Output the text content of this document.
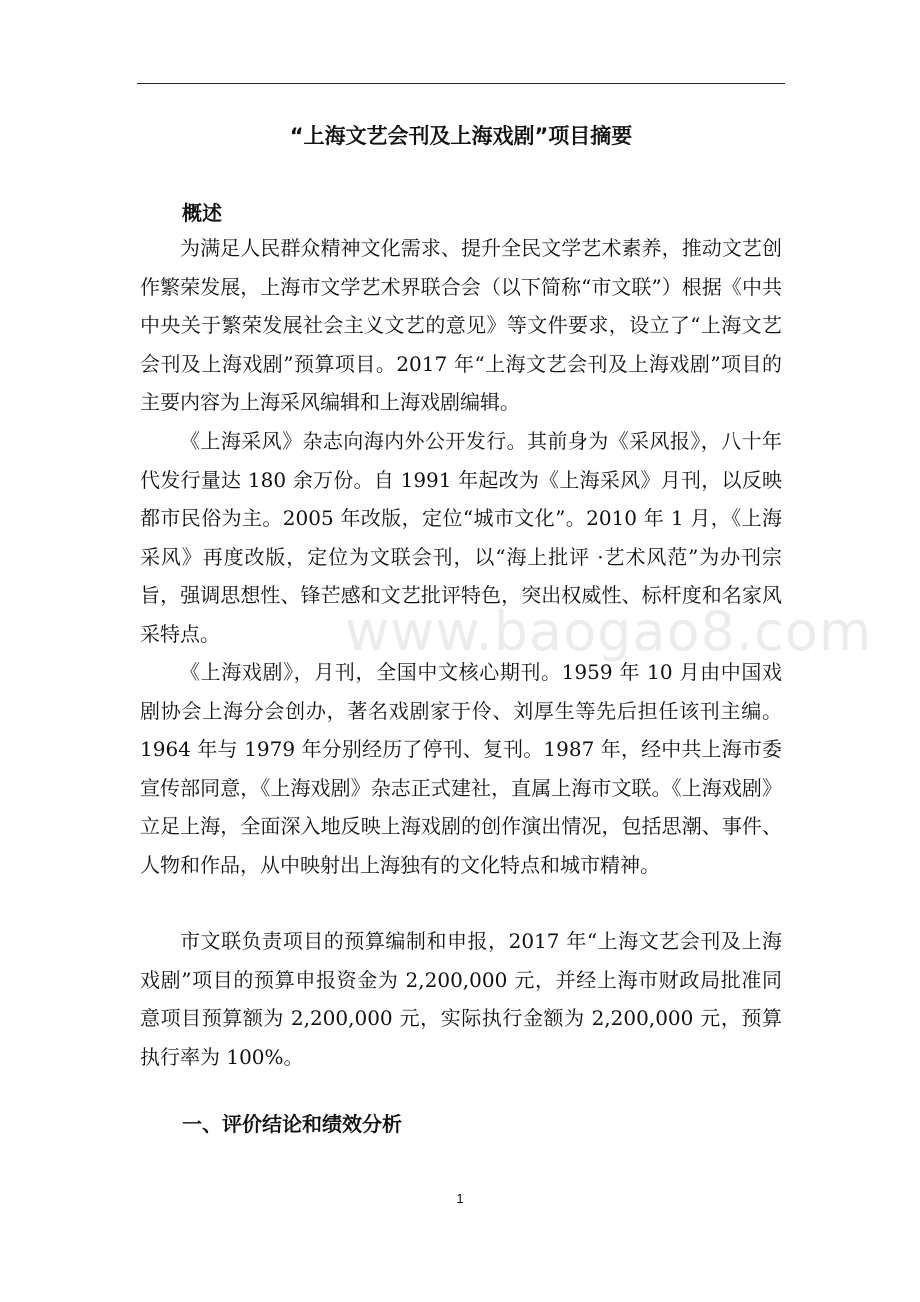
“上海文艺会刊及上海戏剧”项目摘要
概述

为满足人民群众精神文化需求、提升全民文学艺术素养，推动文艺创作繁荣发展，上海市文学艺术界联合会（以下简称“市文联”）根据《中共中央关于繁荣发展社会主义文艺的意见》等文件要求，设立了“上海文艺会刊及上海戏剧”预算项目。2017 年“上海文艺会刊及上海戏剧”项目的主要内容为上海采风编辑和上海戏剧编辑。

《上海采风》杂志向海内外公开发行。其前身为《采风报》，八十年代发行量达 180 余万份。自 1991 年起改为《上海采风》月刊，以反映都市民俗为主。2005 年改版，定位“城市文化”。2010 年 1 月，《上海采风》再度改版，定位为文联会刊，以“海上批评 ·艺术风范”为办刊宗旨，强调思想性、锋芒感和文艺批评特色，突出权威性、标杆度和名家风采特点。

《上海戏剧》，月刊，全国中文核心期刊。1959 年 10 月由中国戏剧协会上海分会创办，著名戏剧家于伶、刘厚生等先后担任该刊主编。1964 年与 1979 年分别经历了停刊、复刊。1987 年，经中共上海市委宣传部同意，《上海戏剧》杂志正式建社，直属上海市文联。《上海戏剧》立足上海，全面深入地反映上海戏剧的创作演出情况，包括思潮、事件、人物和作品，从中映射出上海独有的文化特点和城市精神。

市文联负责项目的预算编制和申报，2017 年“上海文艺会刊及上海戏剧”项目的预算申报资金为 2,200,000 元，并经上海市财政局批准同意项目预算额为 2,200,000 元，实际执行金额为 2,200,000 元，预算执行率为 100%。

一、评价结论和绩效分析
www.baogao8.com
1
